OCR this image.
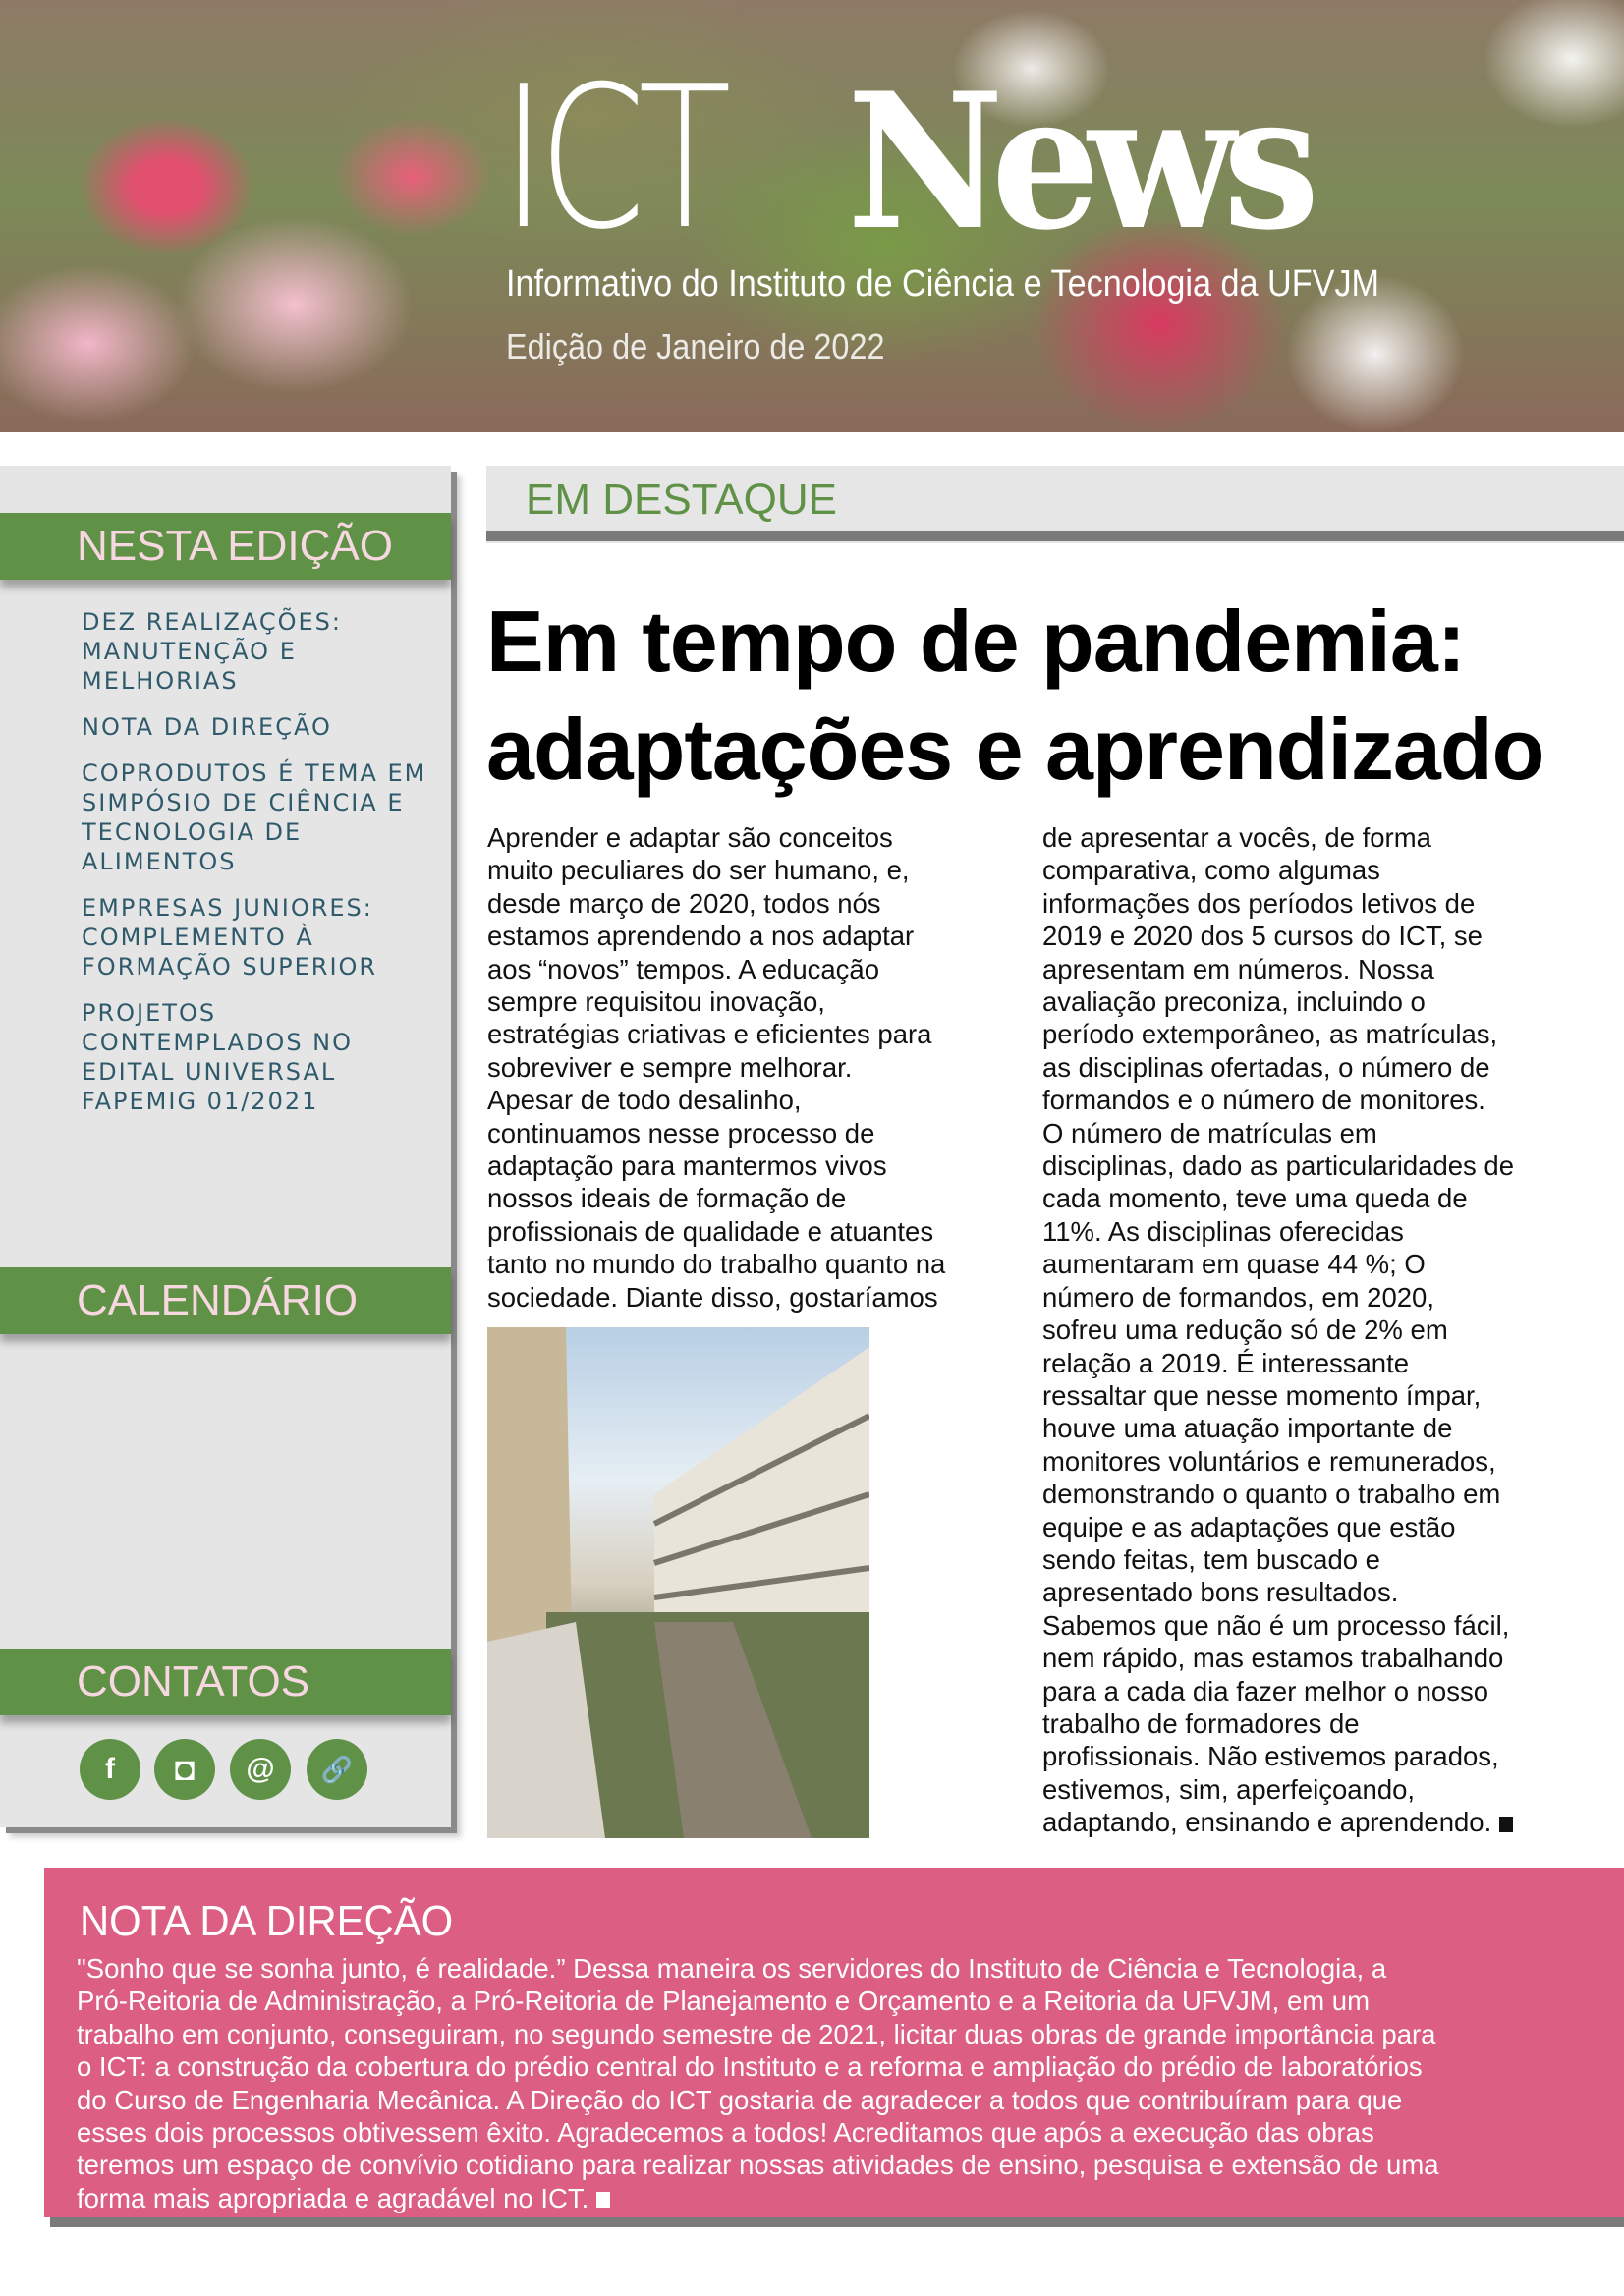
ICT News
Informativo do Instituto de Ciência e Tecnologia da UFVJM
Edição de Janeiro de 2022
NESTA EDIÇÃO
DEZ REALIZAÇÕES:
MANUTENÇÃO E
MELHORIAS
NOTA DA DIREÇÃO
COPRODUTOS É TEMA EM
SIMPÓSIO DE CIÊNCIA E
TECNOLOGIA DE
ALIMENTOS
EMPRESAS JUNIORES:
COMPLEMENTO À
FORMAÇÃO SUPERIOR
PROJETOS
CONTEMPLADOS NO
EDITAL UNIVERSAL
FAPEMIG 01/2021
CALENDÁRIO
CONTATOS
f	◘	@	🔗
EM DESTAQUE
Em tempo de pandemia:
adaptações e aprendizado
Aprender e adaptar são conceitos
muito peculiares do ser humano, e,
desde março de 2020, todos nós
estamos aprendendo a nos adaptar
aos “novos” tempos. A educação
sempre requisitou inovação,
estratégias criativas e eficientes para
sobreviver e sempre melhorar.
Apesar de todo desalinho,
continuamos nesse processo de
adaptação para mantermos vivos
nossos ideais de formação de
profissionais de qualidade e atuantes
tanto no mundo do trabalho quanto na
sociedade. Diante disso, gostaríamos
de apresentar a vocês, de forma
comparativa, como algumas
informações dos períodos letivos de
2019 e 2020 dos 5 cursos do ICT, se
apresentam em números. Nossa
avaliação preconiza, incluindo o
período extemporâneo, as matrículas,
as disciplinas ofertadas, o número de
formandos e o número de monitores.
O número de matrículas em
disciplinas, dado as particularidades de
cada momento, teve uma queda de
11%. As disciplinas oferecidas
aumentaram em quase 44 %; O
número de formandos, em 2020,
sofreu uma redução só de 2% em
relação a 2019. É interessante
ressaltar que nesse momento ímpar,
houve uma atuação importante de
monitores voluntários e remunerados,
demonstrando o quanto o trabalho em
equipe e as adaptações que estão
sendo feitas, tem buscado e
apresentado bons resultados.
Sabemos que não é um processo fácil,
nem rápido, mas estamos trabalhando
para a cada dia fazer melhor o nosso
trabalho de formadores de
profissionais. Não estivemos parados,
estivemos, sim, aperfeiçoando,
adaptando, ensinando e aprendendo.
NOTA DA DIREÇÃO
"Sonho que se sonha junto, é realidade.” Dessa maneira os servidores do Instituto de Ciência e Tecnologia, a
Pró-Reitoria de Administração, a Pró-Reitoria de Planejamento e Orçamento e a Reitoria da UFVJM, em um
trabalho em conjunto, conseguiram, no segundo semestre de 2021, licitar duas obras de grande importância para
o ICT: a construção da cobertura do prédio central do Instituto e a reforma e ampliação do prédio de laboratórios
do Curso de Engenharia Mecânica. A Direção do ICT gostaria de agradecer a todos que contribuíram para que
esses dois processos obtivessem êxito. Agradecemos a todos! Acreditamos que após a execução das obras
teremos um espaço de convívio cotidiano para realizar nossas atividades de ensino, pesquisa e extensão de uma
forma mais apropriada e agradável no ICT.
